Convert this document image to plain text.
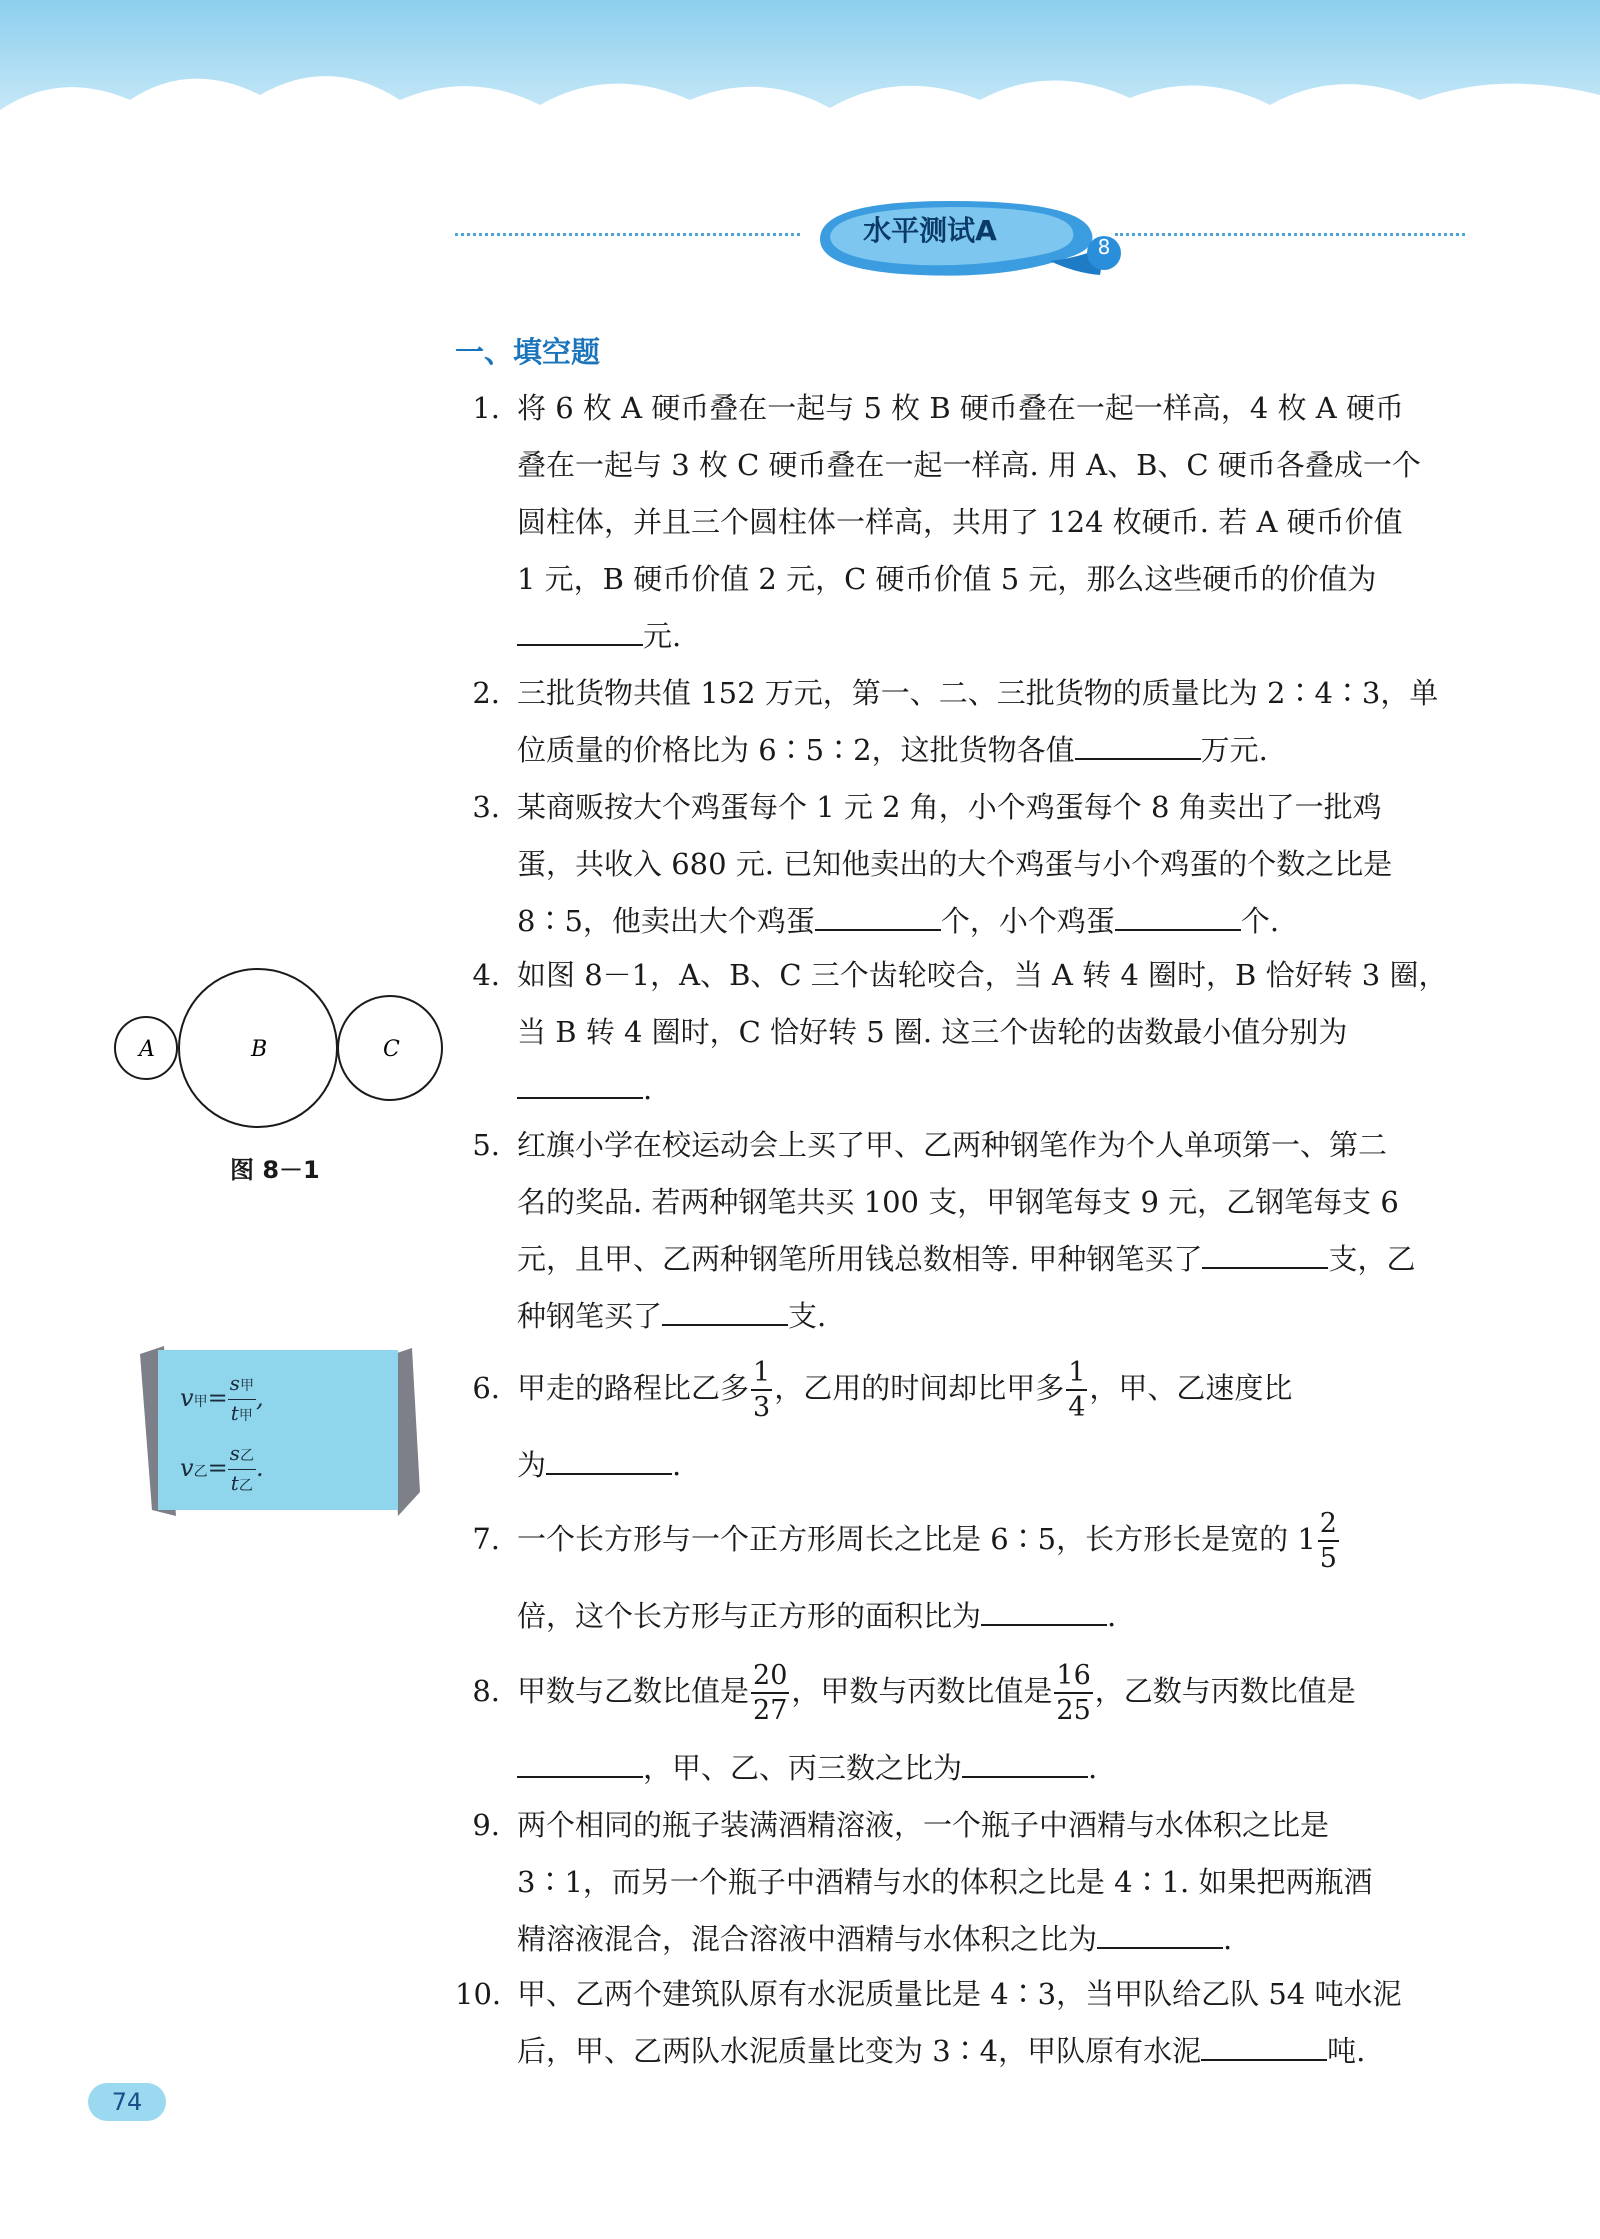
水平测试A	8
一、填空题
1. 将 6 枚 A 硬币叠在一起与 5 枚 B 硬币叠在一起一样高，4 枚 A 硬币
叠在一起与 3 枚 C 硬币叠在一起一样高. 用 A、B、C 硬币各叠成一个
圆柱体，并且三个圆柱体一样高，共用了 124 枚硬币. 若 A 硬币价值
1 元，B 硬币价值 2 元，C 硬币价值 5 元，那么这些硬币的价值为
元.
2. 三批货物共值 152 万元，第一、二、三批货物的质量比为 2∶4∶3，单
位质量的价格比为 6∶5∶2，这批货物各值	万元.
3. 某商贩按大个鸡蛋每个 1 元 2 角，小个鸡蛋每个 8 角卖出了一批鸡
蛋，共收入 680 元. 已知他卖出的大个鸡蛋与小个鸡蛋的个数之比是
8∶5，他卖出大个鸡蛋	个，小个鸡蛋	个.
4. 如图 8－1，A、B、C 三个齿轮咬合，当 A 转 4 圈时，B 恰好转 3 圈，
当 B 转 4 圈时，C 恰好转 5 圈. 这三个齿轮的齿数最小值分别为
.
5. 红旗小学在校运动会上买了甲、乙两种钢笔作为个人单项第一、第二
名的奖品. 若两种钢笔共买 100 支，甲钢笔每支 9 元，乙钢笔每支 6
元，且甲、乙两种钢笔所用钱总数相等. 甲种钢笔买了	支，乙
种钢笔买了	支.
6. 甲走的路程比乙多 $\frac{1}{3}$ ，乙用的时间却比甲多 $\frac{1}{4}$ ，甲、乙速度比
为	.
7. 一个长方形与一个正方形周长之比是 6∶5，长方形长是宽的 $1 \frac{2}{5}$
倍，这个长方形与正方形的面积比为	.
8. 甲数与乙数比值是 $\frac{20}{27}$ ，甲数与丙数比值是 $\frac{16}{25}$ ，乙数与丙数比值是
，甲、乙、丙三数之比为	.
9. 两个相同的瓶子装满酒精溶液，一个瓶子中酒精与水体积之比是
3∶1，而另一个瓶子中酒精与水的体积之比是 4∶1. 如果把两瓶酒
精溶液混合，混合溶液中酒精与水体积之比为	.
10. 甲、乙两个建筑队原有水泥质量比是 4∶3，当甲队给乙队 54 吨水泥
后，甲、乙两队水泥质量比变为 3∶4，甲队原有水泥	吨.
A	B	C
图 8－1
v甲=
s甲
t甲
,
v乙=
s乙
t乙
.
74
